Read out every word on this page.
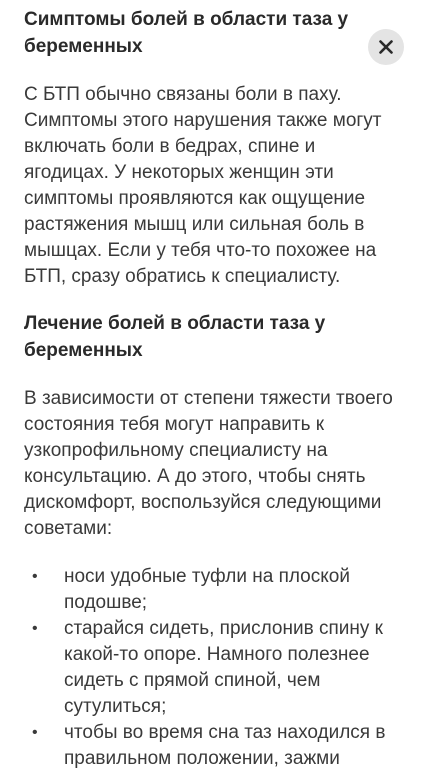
Симптомы болей в области таза у беременных

С БТП обычно связаны боли в паху. Симптомы этого нарушения также могут включать боли в бедрах, спине и ягодицах. У некоторых женщин эти симптомы проявляются как ощущение растяжения мышц или сильная боль в мышцах. Если у тебя что-то похожее на БТП, сразу обратись к специалисту.

Лечение болей в области таза у беременных

В зависимости от степени тяжести твоего состояния тебя могут направить к узкопрофильному специалисту на консультацию. А до этого, чтобы снять дискомфорт, воспользуйся следующими советами:

• носи удобные туфли на плоской подошве;
• старайся сидеть, прислонив спину к какой-то опоре. Намного полезнее сидеть с прямой спиной, чем сутулиться;
• чтобы во время сна таз находился в правильном положении, зажми
